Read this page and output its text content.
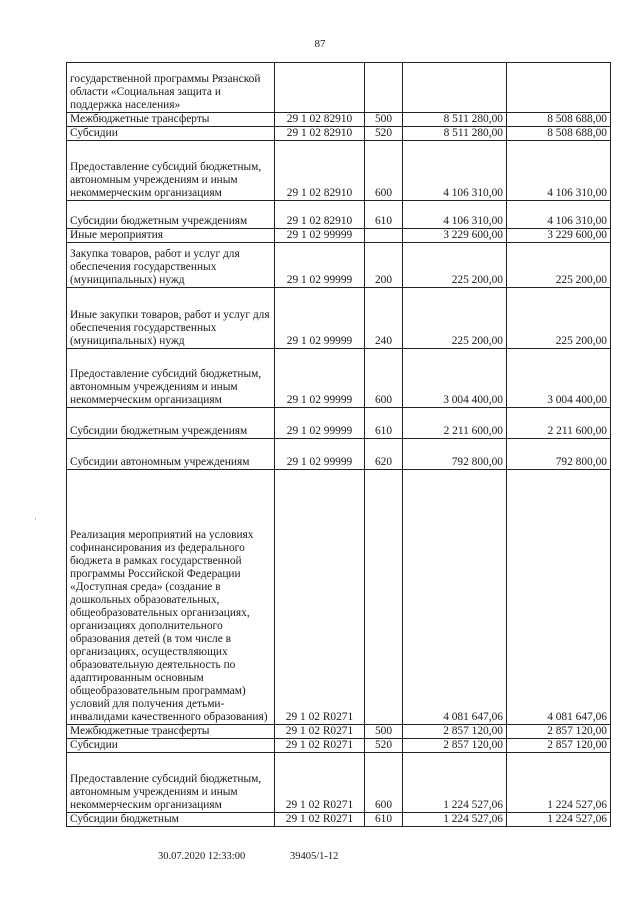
87
государственной программы Рязанской области «Социальная защита и поддержка населения»				
Межбюджетные трансферты	29 1 02 82910	500	8 511 280,00	8 508 688,00
Субсидии	29 1 02 82910	520	8 511 280,00	8 508 688,00
Предоставление субсидий бюджетным, автономным учреждениям и иным некоммерческим организациям	29 1 02 82910	600	4 106 310,00	4 106 310,00
Субсидии бюджетным учреждениям	29 1 02 82910	610	4 106 310,00	4 106 310,00
Иные мероприятия	29 1 02 99999		3 229 600,00	3 229 600,00
Закупка товаров, работ и услуг для обеспечения государственных (муниципальных) нужд	29 1 02 99999	200	225 200,00	225 200,00
Иные закупки товаров, работ и услуг для обеспечения государственных (муниципальных) нужд	29 1 02 99999	240	225 200,00	225 200,00
Предоставление субсидий бюджетным, автономным учреждениям и иным некоммерческим организациям	29 1 02 99999	600	3 004 400,00	3 004 400,00
Субсидии бюджетным учреждениям	29 1 02 99999	610	2 211 600,00	2 211 600,00
Субсидии автономным учреждениям	29 1 02 99999	620	792 800,00	792 800,00
Реализация мероприятий на условиях софинансирования из федерального бюджета в рамках государственной программы Российской Федерации «Доступная среда» (создание в дошкольных образовательных, общеобразовательных организациях, организациях дополнительного образования детей (в том числе в организациях, осуществляющих образовательную деятельность по адаптированным основным общеобразовательным программам) условий для получения детьми-инвалидами качественного образования)	29 1 02 R0271		4 081 647,06	4 081 647,06
Межбюджетные трансферты	29 1 02 R0271	500	2 857 120,00	2 857 120,00
Субсидии	29 1 02 R0271	520	2 857 120,00	2 857 120,00
Предоставление субсидий бюджетным, автономным учреждениям и иным некоммерческим организациям	29 1 02 R0271	600	1 224 527,06	1 224 527,06
Субсидии бюджетным	29 1 02 R0271	610	1 224 527,06	1 224 527,06
·
30.07.2020 12:33:00	39405/1-12
